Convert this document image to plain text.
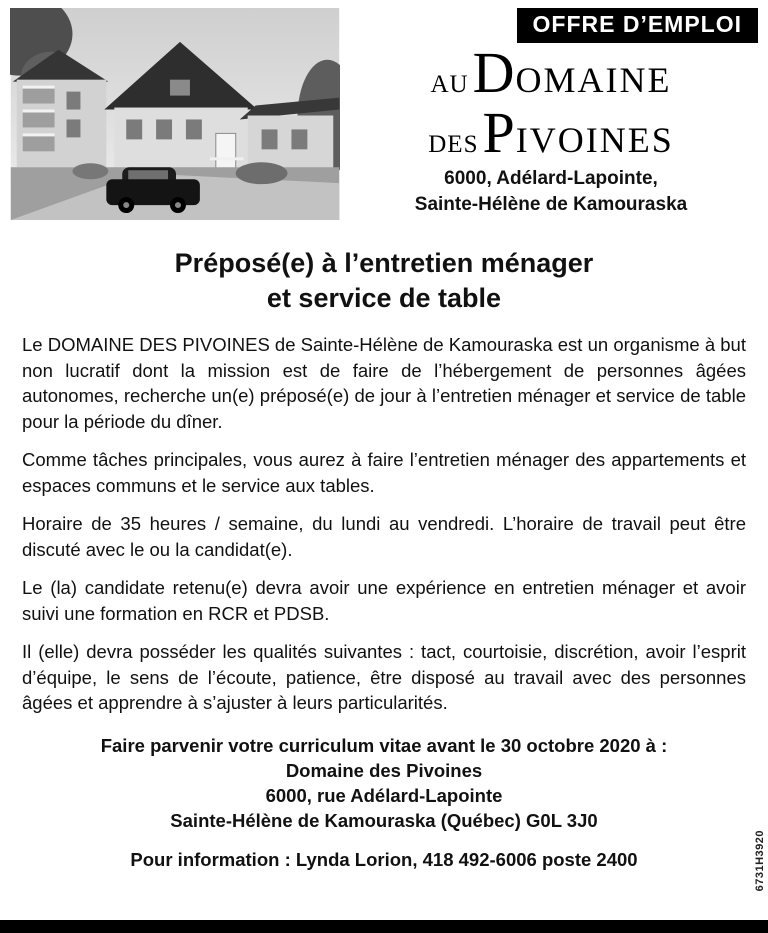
OFFRE D’EMPLOI
AU DOMAINE
DES PIVOINES
6000, Adélard-Lapointe,
Sainte-Hélène de Kamouraska
Préposé(e) à l’entretien ménager
et service de table

Le DOMAINE DES PIVOINES de Sainte-Hélène de Kamouraska est un organisme à but non lucratif dont la mission est de faire de l’hébergement de personnes âgées autonomes, recherche un(e) préposé(e) de jour à l’entretien ménager et service de table pour la période du dîner.

Comme tâches principales, vous aurez à faire l’entretien ménager des appartements et espaces communs et le service aux tables.

Horaire de 35 heures / semaine, du lundi au vendredi. L’horaire de travail peut être discuté avec le ou la candidat(e).

Le (la) candidate retenu(e) devra avoir une expérience en entretien ménager et avoir suivi une formation en RCR et PDSB.

Il (elle) devra posséder les qualités suivantes : tact, courtoisie, discrétion, avoir l’esprit d’équipe, le sens de l’écoute, patience, être disposé au travail avec des personnes âgées et apprendre à s’ajuster à leurs particularités.

Faire parvenir votre curriculum vitae avant le 30 octobre 2020 à :
Domaine des Pivoines
6000, rue Adélard-Lapointe
Sainte-Hélène de Kamouraska (Québec) G0L 3J0
Pour information : Lynda Lorion, 418 492-6006 poste 2400	6731H3920
